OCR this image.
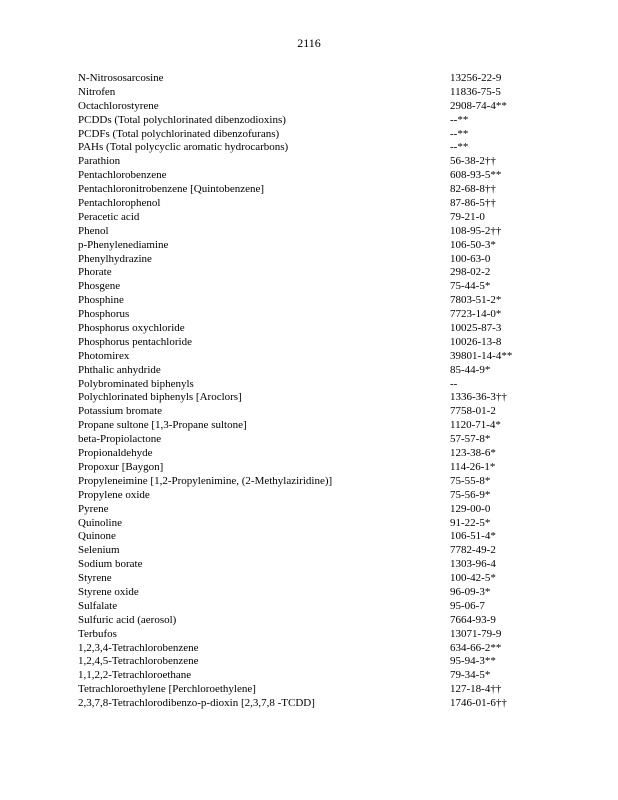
2116
N-Nitrososarcosine	13256-22-9
Nitrofen	11836-75-5
Octachlorostyrene	2908-74-4**
PCDDs (Total polychlorinated dibenzodioxins)	--**
PCDFs (Total polychlorinated dibenzofurans)	--**
PAHs (Total polycyclic aromatic hydrocarbons)	--**
Parathion	56-38-2††
Pentachlorobenzene	608-93-5**
Pentachloronitrobenzene [Quintobenzene]	82-68-8††
Pentachlorophenol	87-86-5††
Peracetic acid	79-21-0
Phenol	108-95-2††
p-Phenylenediamine	106-50-3*
Phenylhydrazine	100-63-0
Phorate	298-02-2
Phosgene	75-44-5*
Phosphine	7803-51-2*
Phosphorus	7723-14-0*
Phosphorus oxychloride	10025-87-3
Phosphorus pentachloride	10026-13-8
Photomirex	39801-14-4**
Phthalic anhydride	85-44-9*
Polybrominated biphenyls	--
Polychlorinated biphenyls [Aroclors]	1336-36-3††
Potassium bromate	7758-01-2
Propane sultone [1,3-Propane sultone]	1120-71-4*
beta-Propiolactone	57-57-8*
Propionaldehyde	123-38-6*
Propoxur [Baygon]	114-26-1*
Propyleneimine [1,2-Propylenimine, (2-Methylaziridine)]	75-55-8*
Propylene oxide	75-56-9*
Pyrene	129-00-0
Quinoline	91-22-5*
Quinone	106-51-4*
Selenium	7782-49-2
Sodium borate	1303-96-4
Styrene	100-42-5*
Styrene oxide	96-09-3*
Sulfalate	95-06-7
Sulfuric acid (aerosol)	7664-93-9
Terbufos	13071-79-9
1,2,3,4-Tetrachlorobenzene	634-66-2**
1,2,4,5-Tetrachlorobenzene	95-94-3**
1,1,2,2-Tetrachloroethane	79-34-5*
Tetrachloroethylene [Perchloroethylene]	127-18-4††
2,3,7,8-Tetrachlorodibenzo-p-dioxin [2,3,7,8 -TCDD]	1746-01-6††
